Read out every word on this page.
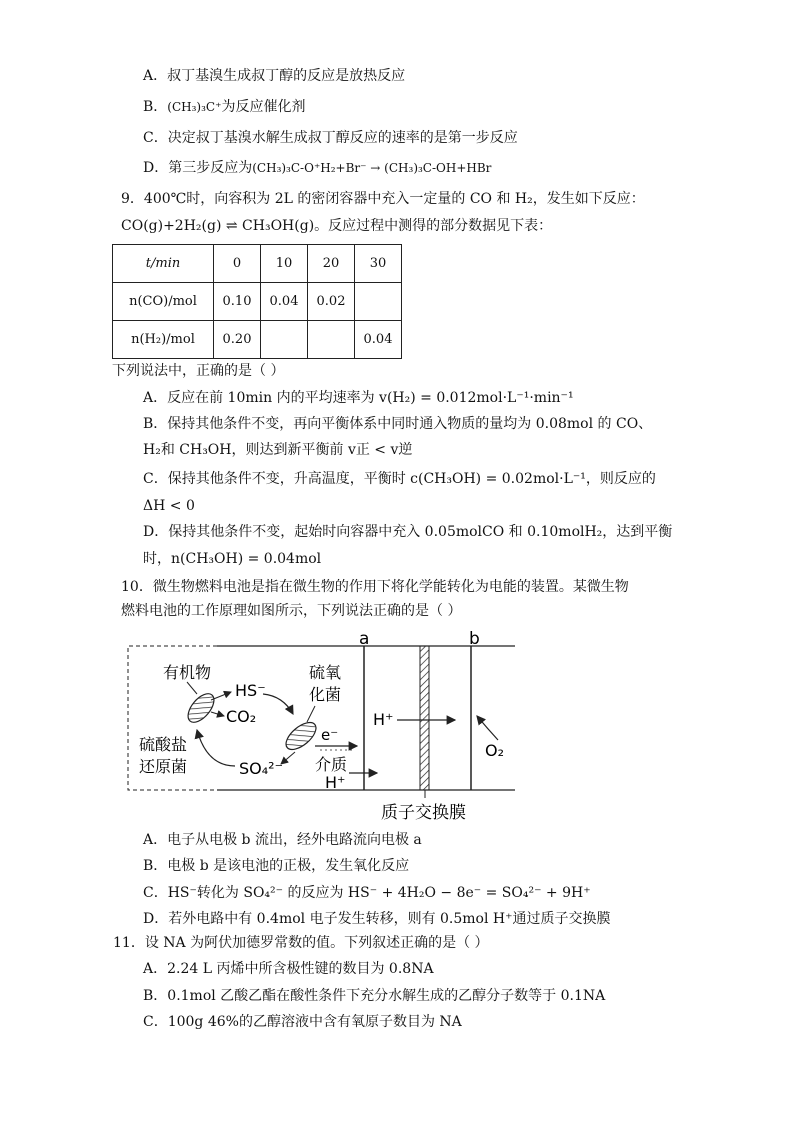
A．叔丁基溴生成叔丁醇的反应是放热反应
B．(CH₃)₃C⁺为反应催化剂
C．决定叔丁基溴水解生成叔丁醇反应的速率的是第一步反应
D．第三步反应为(CH₃)₃C-O⁺H₂+Br⁻ → (CH₃)₃C-OH+HBr
9．400℃时，向容积为 2L 的密闭容器中充入一定量的 CO 和 H₂，发生如下反应：
CO(g)+2H₂(g) ⇌ CH₃OH(g)。反应过程中测得的部分数据见下表：
t/min	0	10	20	30
n(CO)/mol	0.10	0.04	0.02	
n(H₂)/mol	0.20			0.04
下列说法中，正确的是（ ）
A．反应在前 10min 内的平均速率为 v(H₂) = 0.012mol·L⁻¹·min⁻¹
B．保持其他条件不变，再向平衡体系中同时通入物质的量均为 0.08mol 的 CO、
H₂和 CH₃OH，则达到新平衡前 v正 < v逆
C．保持其他条件不变，升高温度，平衡时 c(CH₃OH) = 0.02mol·L⁻¹，则反应的
ΔH < 0
D．保持其他条件不变，起始时向容器中充入 0.05molCO 和 0.10molH₂，达到平衡
时，n(CH₃OH) = 0.04mol
10．微生物燃料电池是指在微生物的作用下将化学能转化为电能的装置。某微生物
燃料电池的工作原理如图所示，下列说法正确的是（ ）
a	b
质子交换膜
H⁺
O₂
有机物
HS⁻
CO₂
硫酸盐
还原菌	SO₄²⁻
硫氧
化菌
e⁻
介质
H⁺
A．电子从电极 b 流出，经外电路流向电极 a
B．电极 b 是该电池的正极，发生氧化反应
C．HS⁻转化为 SO₄²⁻ 的反应为 HS⁻ + 4H₂O − 8e⁻ = SO₄²⁻ + 9H⁺
D．若外电路中有 0.4mol 电子发生转移，则有 0.5mol H⁺通过质子交换膜
11．设 NA 为阿伏加德罗常数的值。下列叙述正确的是（ ）
A．2.24 L 丙烯中所含极性键的数目为 0.8NA
B．0.1mol 乙酸乙酯在酸性条件下充分水解生成的乙醇分子数等于 0.1NA
C．100g 46%的乙醇溶液中含有氧原子数目为 NA
